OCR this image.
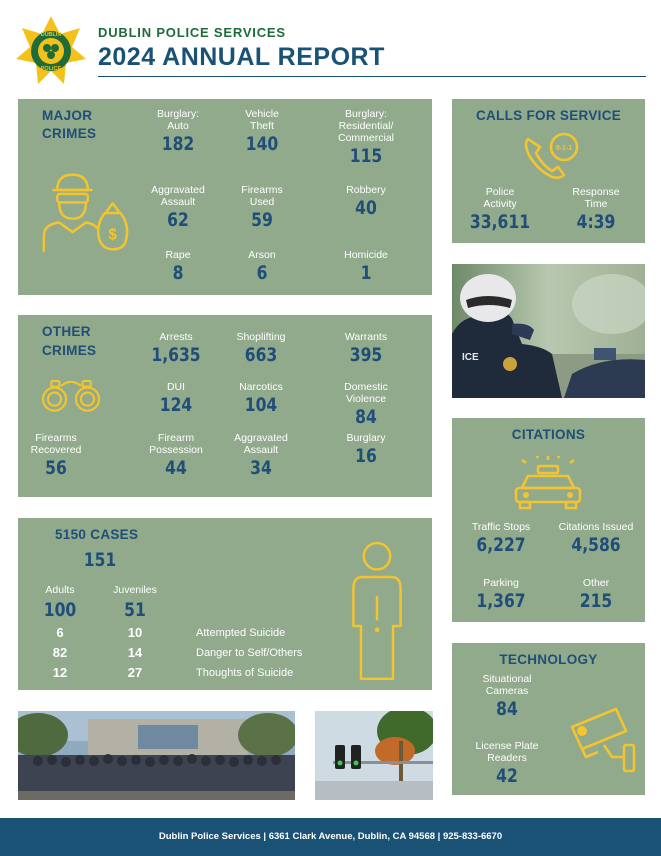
DUBLIN
POLICE
DUBLIN POLICE SERVICES
2024 ANNUAL REPORT
MAJOR
CRIMES
$
Burglary:
Auto
182
Vehicle
Theft
140
Burglary:
Residential/
Commercial
115
Aggravated
Assault
62
Firearms
Used
59
Robbery
40
Rape
8
Arson
6
Homicide
1
OTHER
CRIMES
Arrests
1,635
Shoplifting
663
Warrants
395
DUI
124
Narcotics
104
Domestic
Violence
84
Firearms
Recovered
56
Firearm
Possession
44
Aggravated
Assault
34
Burglary
16
5150 CASES
151
Adults
100
Juveniles
51
6	10	Attempted Suicide
82	14	Danger to Self/Others
12	27	Thoughts of Suicide
CALLS FOR SERVICE
9-1-1
Police
Activity
33,611
Response
Time
4:39
ICE
CITATIONS
Traffic Stops
6,227
Citations Issued
4,586
Parking
1,367
Other
215
TECHNOLOGY
Situational
Cameras
84
License Plate
Readers
42
Dublin Police Services | 6361 Clark Avenue, Dublin, CA 94568 | 925-833-6670
